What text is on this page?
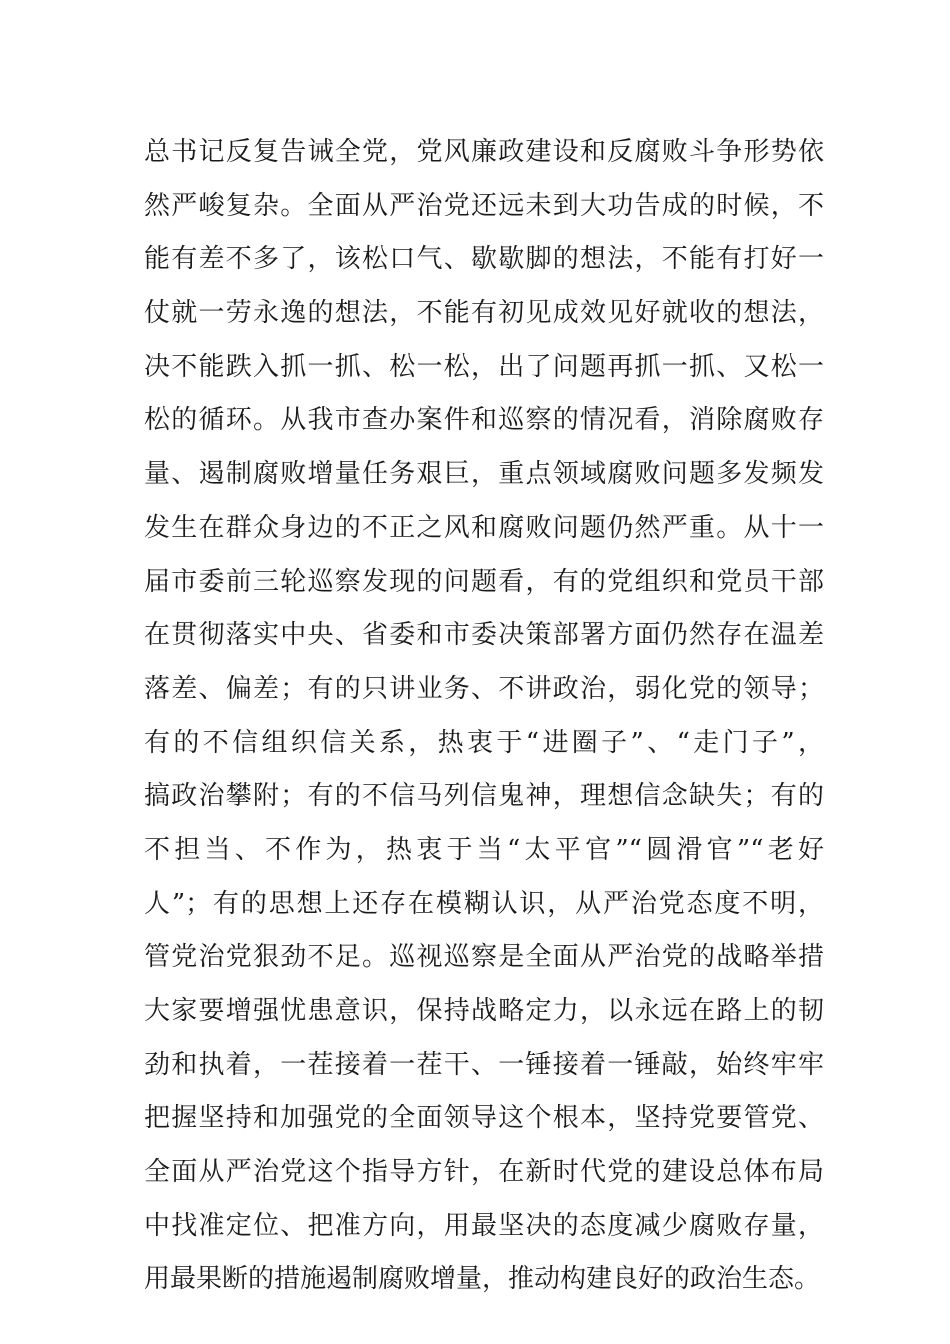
总书记反复告诫全党，党风廉政建设和反腐败斗争形势依
然严峻复杂。全面从严治党还远未到大功告成的时候，不
能有差不多了，该松口气、歇歇脚的想法，不能有打好一
仗就一劳永逸的想法，不能有初见成效见好就收的想法，
决不能跌入抓一抓、松一松，出了问题再抓一抓、又松一
松的循环。从我市查办案件和巡察的情况看，消除腐败存
量、遏制腐败增量任务艰巨，重点领域腐败问题多发频发
发生在群众身边的不正之风和腐败问题仍然严重。从十一
届市委前三轮巡察发现的问题看，有的党组织和党员干部
在贯彻落实中央、省委和市委决策部署方面仍然存在温差
落差、偏差；有的只讲业务、不讲政治，弱化党的领导；
有的不信组织信关系，热衷于“进圈子”、“走门子”，
搞政治攀附；有的不信马列信鬼神，理想信念缺失；有的
不担当、不作为，热衷于当“太平官”“圆滑官”“老好
人”；有的思想上还存在模糊认识，从严治党态度不明，
管党治党狠劲不足。巡视巡察是全面从严治党的战略举措
大家要增强忧患意识，保持战略定力，以永远在路上的韧
劲和执着，一茬接着一茬干、一锤接着一锤敲，始终牢牢
把握坚持和加强党的全面领导这个根本，坚持党要管党、
全面从严治党这个指导方针，在新时代党的建设总体布局
中找准定位、把准方向，用最坚决的态度减少腐败存量，
用最果断的措施遏制腐败增量，推动构建良好的政治生态。
